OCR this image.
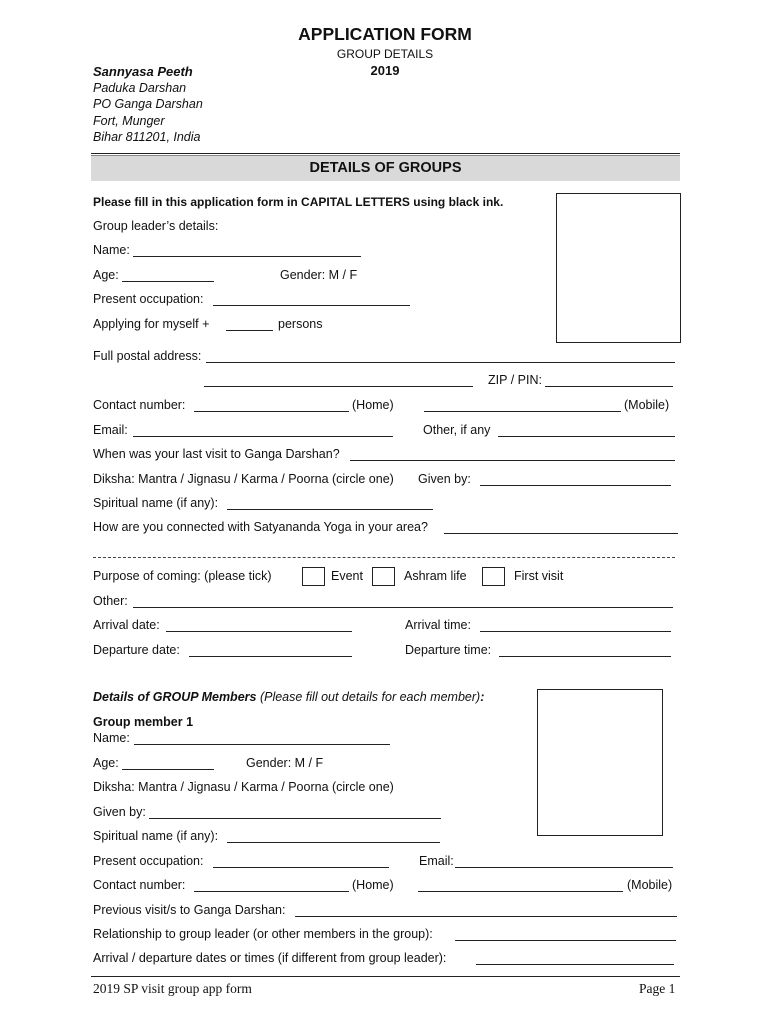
APPLICATION FORM
GROUP DETAILS
2019
Sannyasa Peeth
Paduka Darshan
PO Ganga Darshan
Fort, Munger
Bihar 811201, India
DETAILS OF GROUPS
Please fill in this application form in CAPITAL LETTERS using black ink.
Group leader’s details:
Name:
Age:	Gender: M / F
Present occupation:
Applying for myself +	persons
Full postal address:
ZIP / PIN:
Contact number:	(Home)	(Mobile)
Email:	Other, if any
When was your last visit to Ganga Darshan?
Diksha: Mantra / Jignasu / Karma / Poorna (circle one) Given by:
Spiritual name (if any):
How are you connected with Satyananda Yoga in your area?
Purpose of coming: (please tick)	Event	Ashram life	First visit
Other:
Arrival date:	Arrival time:
Departure date:	Departure time:
Details of GROUP Members (Please fill out details for each member):
Group member 1
Name:
Age:	Gender: M / F
Diksha: Mantra / Jignasu / Karma / Poorna (circle one)
Given by:
Spiritual name (if any):
Present occupation:	Email:
Contact number:	(Home)	(Mobile)
Previous visit/s to Ganga Darshan:
Relationship to group leader (or other members in the group):
Arrival / departure dates or times (if different from group leader):
2019 SP visit group app form	Page 1
